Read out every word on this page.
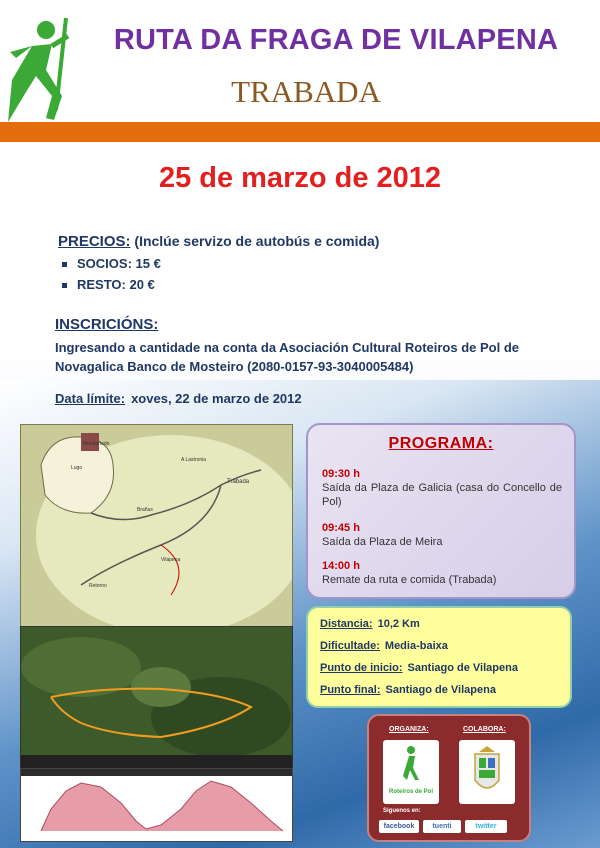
RUTA DA FRAGA DE VILAPENA
TRABADA
25 de marzo de 2012
PRECIOS: (Inclúe servizo de autobús e comida)
SOCIOS: 15 €
RESTO: 20 €
INSCRICIÓNS:
Ingresando a cantidade na conta da Asociación Cultural Roteiros de Pol de Novagalica Banco de Mosteiro (2080-0157-93-3040005484)
Data límite: xoves, 22 de marzo de 2012
Mondoñedo
Lugo
A Lastronia
Trabada
Vilapena
Brañas
Retorno
PROGRAMA:
09:30 h
Saída da Plaza de Galicia (casa do Concello de Pol)
09:45 h
Saída da Plaza de Meira
14:00 h
Remate da ruta e comida (Trabada)
Distancia: 10,2 Km
Dificultade: Media-baixa
Punto de inicio: Santiago de Vilapena
Punto final: Santiago de Vilapena
ORGANIZA:	COLABORA:
Roteiros de Pol
Síguenos en:
facebook	tuenti	twitter
